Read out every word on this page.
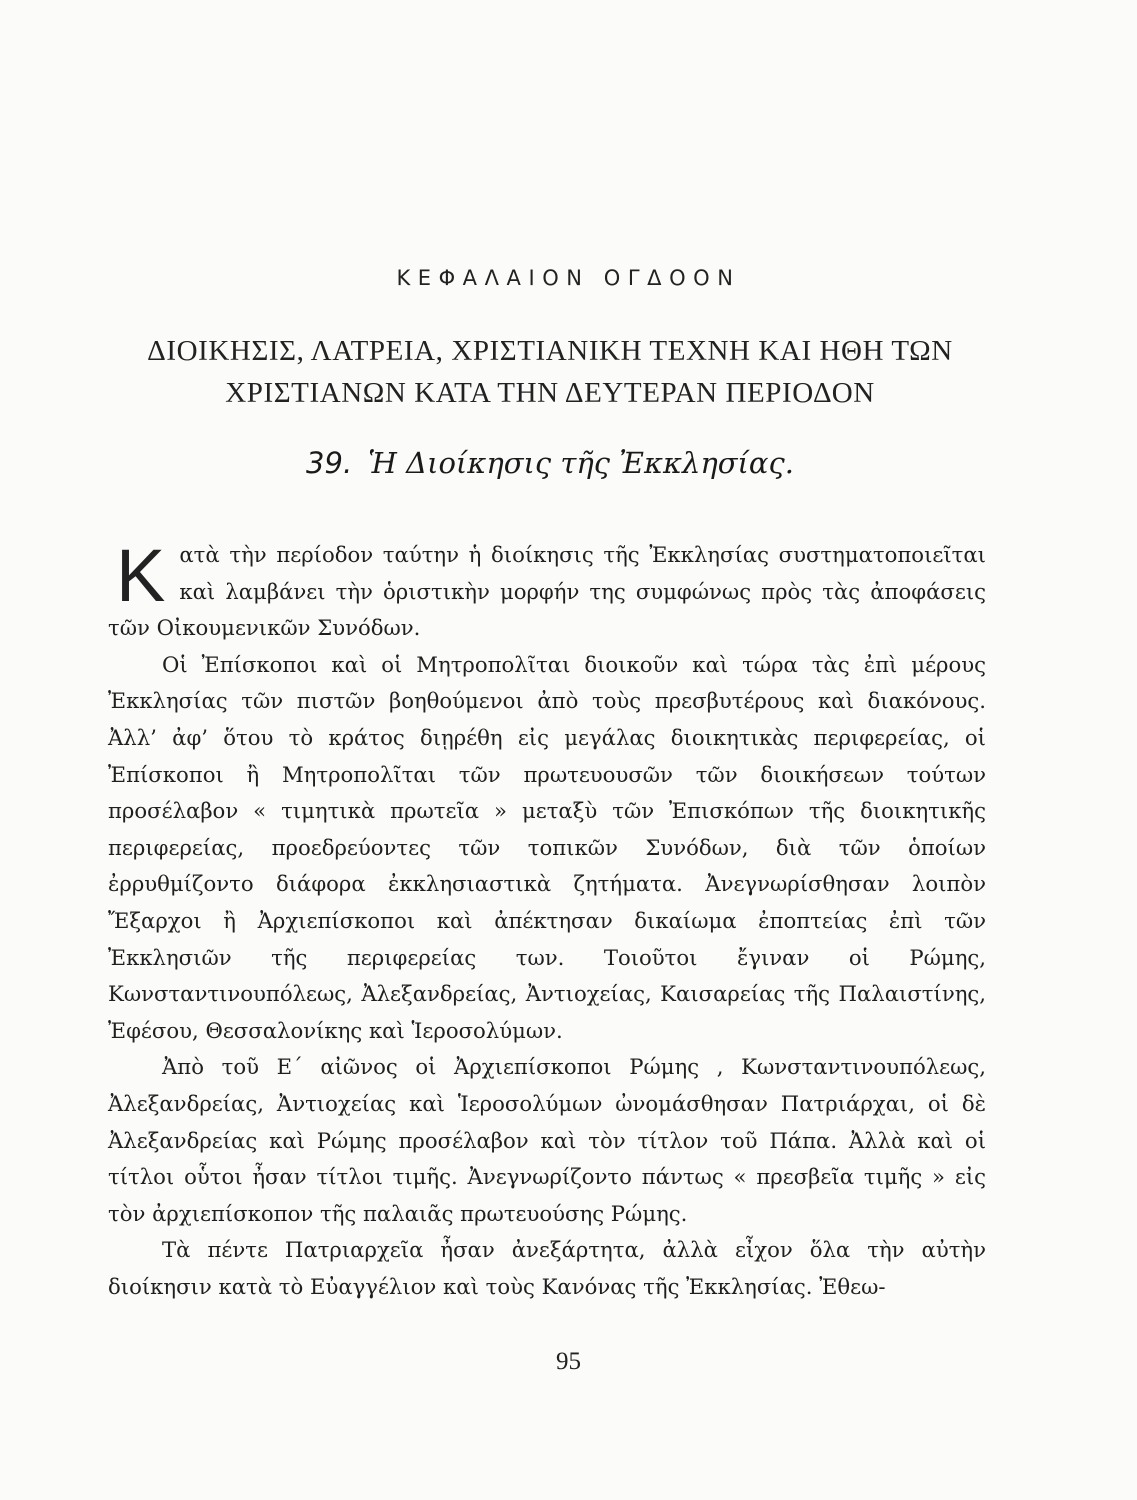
ΚΕΦΑΛΑΙΟΝ ΟΓΔΟΟΝ
ΔΙΟΙΚΗΣΙΣ, ΛΑΤΡΕΙΑ, ΧΡΙΣΤΙΑΝΙΚΗ ΤΕΧΝΗ ΚΑΙ ΗΘΗ ΤΩΝ
ΧΡΙΣΤΙΑΝΩΝ ΚΑΤΑ ΤΗΝ ΔΕΥΤΕΡΑΝ ΠΕΡΙΟΔΟΝ
39. Ἡ Διοίκησις τῆς Ἐκκλησίας.

Κατὰ τὴν περίοδον ταύτην ἡ διοίκησις τῆς Ἐκκλησίας συστηματοποιεῖται καὶ λαμβάνει τὴν ὁριστικὴν μορφήν της συμφώνως πρὸς τὰς ἀποφάσεις τῶν Οἰκουμενικῶν Συνόδων.

Οἱ Ἐπίσκοποι καὶ οἱ Μητροπολῖται διοικοῦν καὶ τώρα τὰς ἐπὶ μέρους Ἐκκλησίας τῶν πιστῶν βοηθούμενοι ἀπὸ τοὺς πρεσβυτέρους καὶ διακόνους. Ἀλλ’ ἀφ’ ὅτου τὸ κράτος διῃρέθη εἰς μεγάλας διοικητικὰς περιφερείας, οἱ Ἐπίσκοποι ἢ Μητροπολῖται τῶν πρωτευουσῶν τῶν διοικήσεων τούτων προσέλαβον « τιμητικὰ πρωτεῖα » μεταξὺ τῶν Ἐπισκόπων τῆς διοικητικῆς περιφερείας, προεδρεύοντες τῶν τοπικῶν Συνόδων, διὰ τῶν ὁποίων ἐρρυθμίζοντο διάφορα ἐκκλησιαστικὰ ζητήματα. Ἀνεγνωρίσθησαν λοιπὸν Ἔξαρχοι ἢ Ἀρχιεπίσκοποι καὶ ἀπέκτησαν δικαίωμα ἐποπτείας ἐπὶ τῶν Ἐκκλησιῶν τῆς περιφερείας των. Τοιοῦτοι ἔγιναν οἱ Ρώμης, Κωνσταντινουπόλεως, Ἀλεξανδρείας, Ἀντιοχείας, Καισαρείας τῆς Παλαιστίνης, Ἐφέσου, Θεσσαλονίκης καὶ Ἱεροσολύμων.

Ἀπὸ τοῦ Ε´ αἰῶνος οἱ Ἀρχιεπίσκοποι Ρώμης , Κωνσταντινουπόλεως, Ἀλεξανδρείας, Ἀντιοχείας καὶ Ἱεροσολύμων ὠνομάσθησαν Πατριάρχαι, οἱ δὲ Ἀλεξανδρείας καὶ Ρώμης προσέλαβον καὶ τὸν τίτλον τοῦ Πάπα. Ἀλλὰ καὶ οἱ τίτλοι οὗτοι ἦσαν τίτλοι τιμῆς. Ἀνεγνωρίζοντο πάντως « πρεσβεῖα τιμῆς » εἰς τὸν ἀρχιεπίσκοπον τῆς παλαιᾶς πρωτευούσης Ρώμης.

Τὰ πέντε Πατριαρχεῖα ἦσαν ἀνεξάρτητα, ἀλλὰ εἶχον ὅλα τὴν αὐτὴν διοίκησιν κατὰ τὸ Εὐαγγέλιον καὶ τοὺς Κανόνας τῆς Ἐκκλησίας. Ἐθεω-

95
